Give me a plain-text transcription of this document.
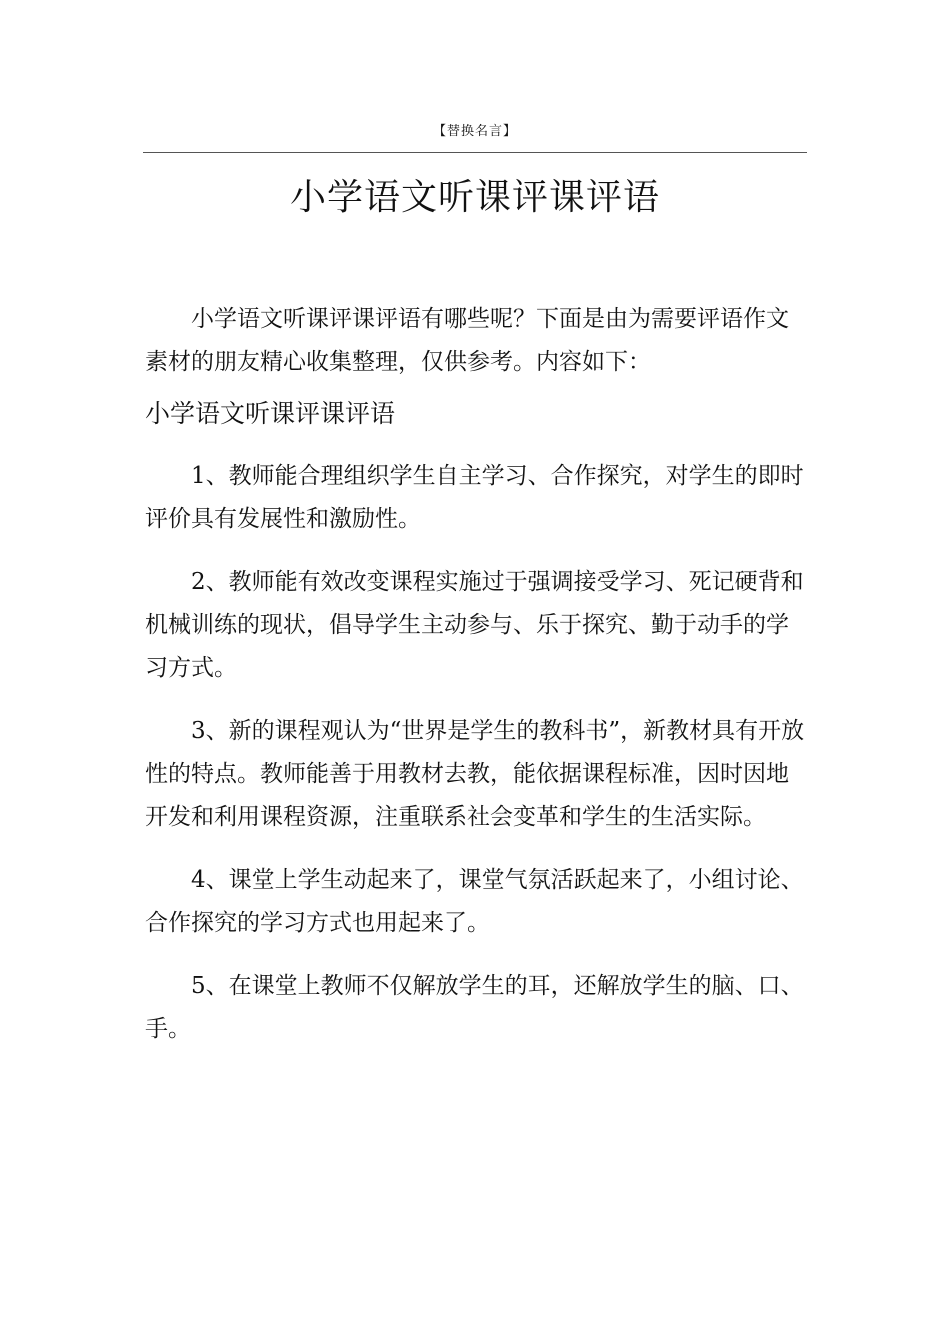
【替换名言】
小学语文听课评课评语

小学语文听课评课评语有哪些呢？下面是由为需要评语作文素材的朋友精心收集整理，仅供参考。内容如下：

小学语文听课评课评语

1、教师能合理组织学生自主学习、合作探究，对学生的即时评价具有发展性和激励性。

2、教师能有效改变课程实施过于强调接受学习、死记硬背和机械训练的现状，倡导学生主动参与、乐于探究、勤于动手的学习方式。

3、新的课程观认为“世界是学生的教科书”，新教材具有开放性的特点。教师能善于用教材去教，能依据课程标准，因时因地开发和利用课程资源，注重联系社会变革和学生的生活实际。

4、课堂上学生动起来了，课堂气氛活跃起来了，小组讨论、合作探究的学习方式也用起来了。

5、在课堂上教师不仅解放学生的耳，还解放学生的脑、口、手。
